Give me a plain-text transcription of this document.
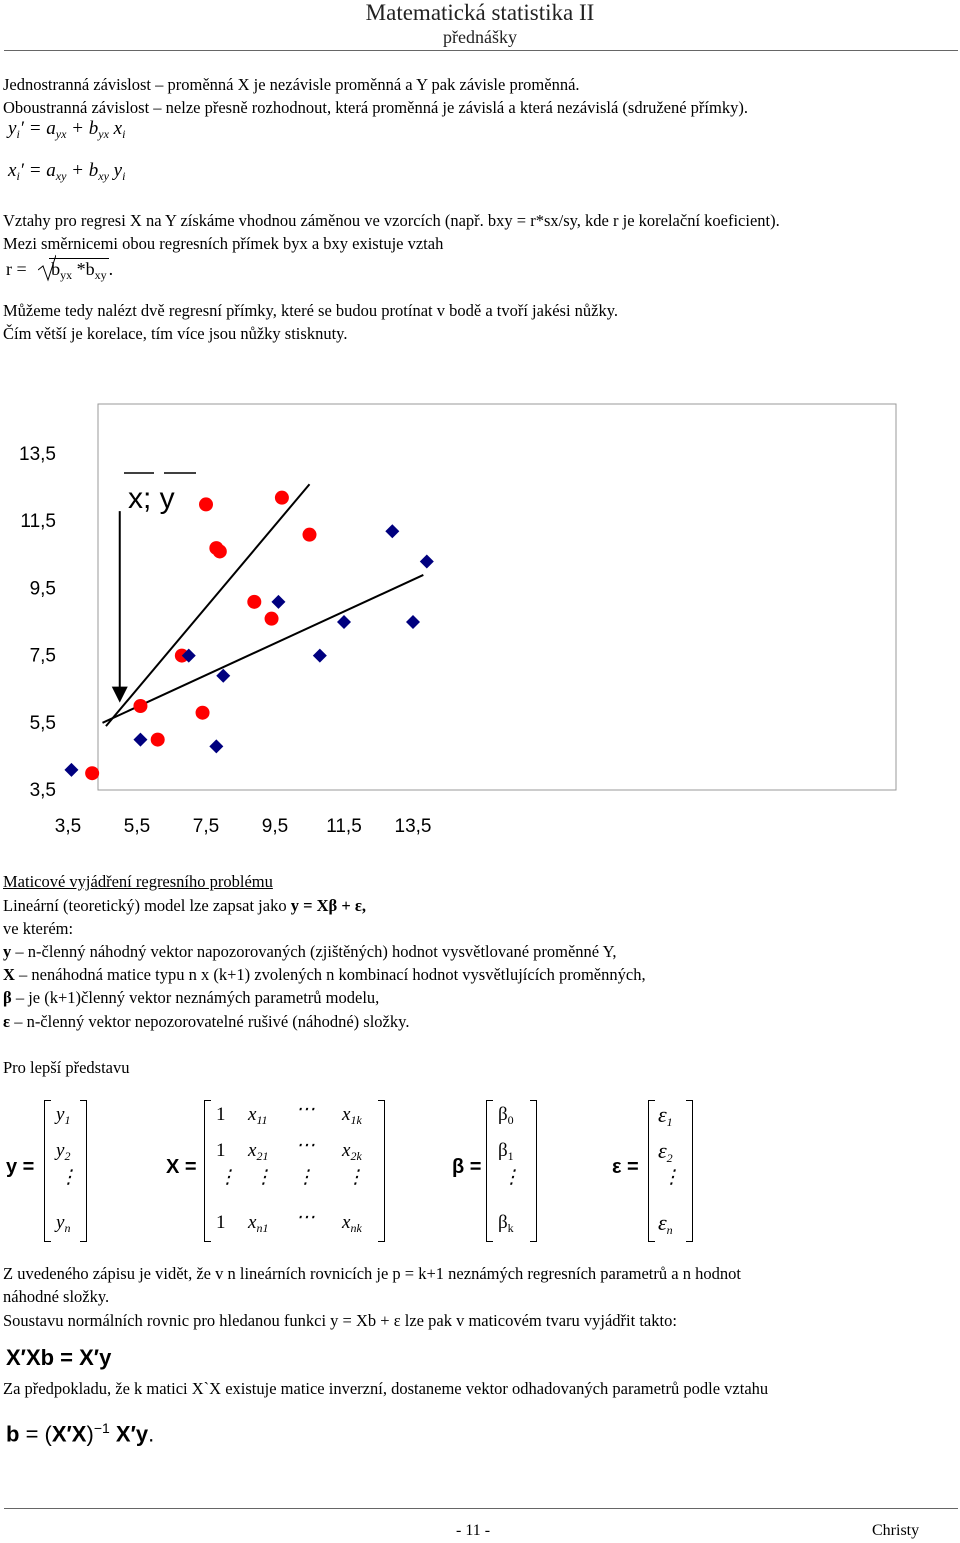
Matematická statistika II
přednášky
Jednostranná závislost – proměnná X je nezávisle proměnná a Y pak závisle proměnná.
Oboustranná závislost – nelze přesně rozhodnout, která proměnná je závislá a která nezávislá (sdružené přímky).
$y_i' = a_{yx} + b_{yx}$ $x_i$
$x_i' = a_{xy} + b_{xy}$ $y_i$
Vztahy pro regresi X na Y získáme vhodnou záměnou ve vzorcích (např. bxy = r*sx/sy, kde r je korelační koeficient).
Mezi směrnicemi obou regresních přímek byx a bxy existuje vztah
$r = b_{yx}$ $*b_{xy}$ .
Můžeme tedy nalézt dvě regresní přímky, které se budou protínat v bodě a tvoří jakési nůžky.
Čím větší je korelace, tím více jsou nůžky stisknuty.
13,5
11,5
9,5
7,5
5,5
3,5
3,5 5,5 7,5 9,5 11,5 13,5
x; y
Maticové vyjádření regresního problému
Lineární (teoretický) model lze zapsat jako y = Xβ + ε,
ve kterém:
y – n-členný náhodný vektor napozorovaných (zjištěných) hodnot vysvětlované proměnné Y,
X – nenáhodná matice typu n x (k+1) zvolených n kombinací hodnot vysvětlujících proměnných,
β – je (k+1)členný vektor neznámých parametrů modelu,
ε – n-členný vektor nepozorovatelné rušivé (náhodné) složky.
Pro lepší představu
y =
$y_1$
$y_2$
⋮
$y_n$
X =
1 $x_{11}$ ⋯ $x_{1k}$
1 $x_{21}$ ⋯ $x_{2k}$
⋮ ⋮ ⋮ ⋮
1 $x_{n1}$ ⋯ $x_{nk}$
β =
$\beta_0$
$\beta_1$
⋮
$\beta_k$
ε =
$\varepsilon_1$
$\varepsilon_2$
⋮
$\varepsilon_n$
Z uvedeného zápisu je vidět, že v n lineárních rovnicích je p = k+1 neznámých regresních parametrů a n hodnot
náhodné složky.
Soustavu normálních rovnic pro hledanou funkci y = Xb + ε lze pak v maticovém tvaru vyjádřit takto:
X′Xb = X′y
Za předpokladu, že k matici X`X existuje matice inverzní, dostaneme vektor odhadovaných parametrů podle vztahu
$b = (X'X)^{-1}$ X′y.
- 11 -	Christy
